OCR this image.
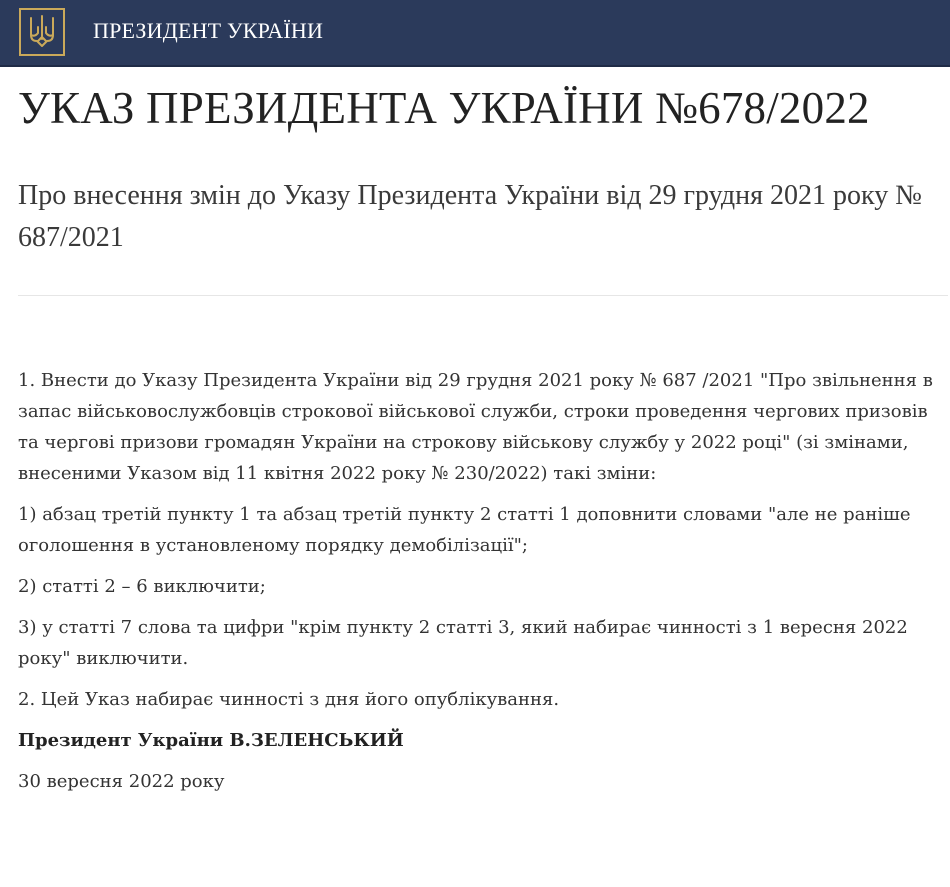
ПРЕЗИДЕНТ УКРАЇНИ
УКАЗ ПРЕЗИДЕНТА УКРАЇНИ №678/2022
Про внесення змін до Указу Президента України від 29 грудня 2021 року № 687/2021

1. Внести до Указу Президента України від 29 грудня 2021 року № 687 /2021 "Про звільнення в запас військовослужбовців строкової військової служби, строки проведення чергових призовів та чергові призови громадян України на строкову військову службу у 2022 році" (зі змінами, внесеними Указом від 11 квітня 2022 року № 230/2022) такі зміни:

1) абзац третій пункту 1 та абзац третій пункту 2 статті 1 доповнити словами "але не раніше оголошення в установленому порядку демобілізації";

2) статті 2 – 6 виключити;

3) у статті 7 слова та цифри "крім пункту 2 статті 3, який набирає чинності з 1 вересня 2022 року" виключити.

2. Цей Указ набирає чинності з дня його опублікування.

Президент України В.ЗЕЛЕНСЬКИЙ

30 вересня 2022 року
